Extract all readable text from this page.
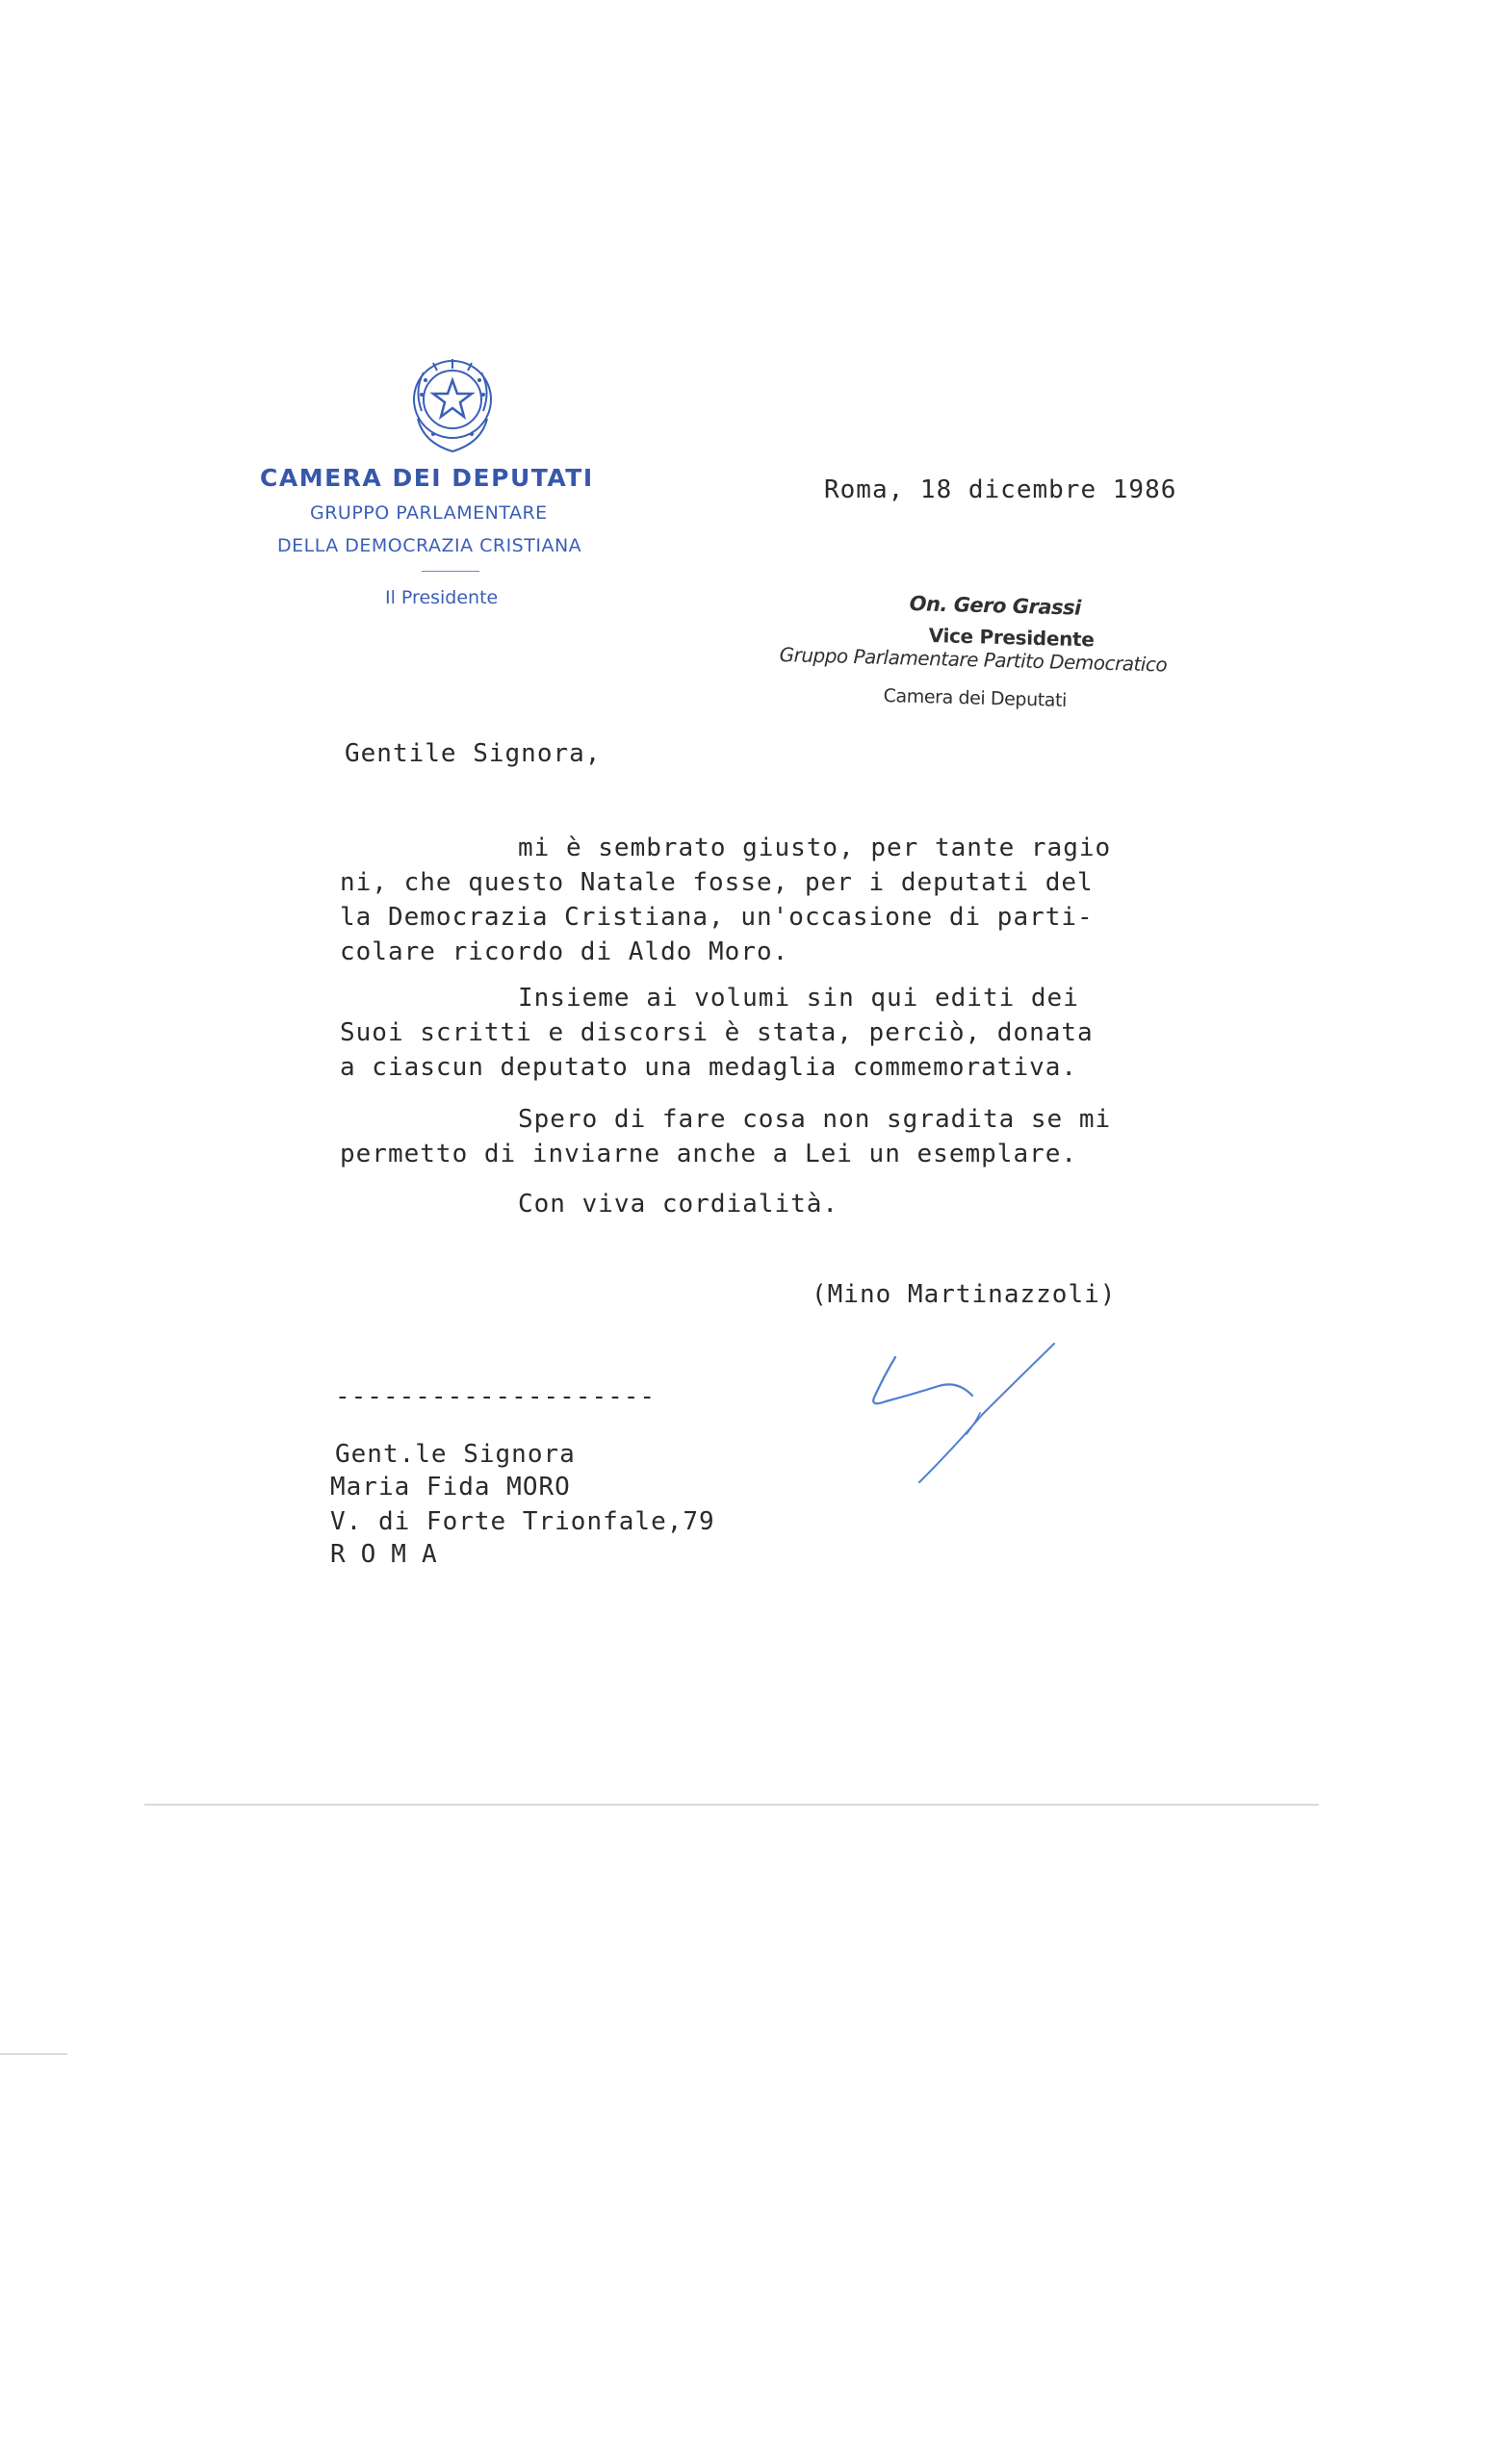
CAMERA DEI DEPUTATI
GRUPPO PARLAMENTARE
DELLA DEMOCRAZIA CRISTIANA
Il Presidente
Roma, 18 dicembre 1986
On. Gero Grassi
Vice Presidente
Gruppo Parlamentare Partito Democratico
Camera dei Deputati
Gentile Signora,
mi è sembrato giusto, per tante ragio
ni, che questo Natale fosse, per i deputati del
la Democrazia Cristiana, un'occasione di parti-
colare ricordo di Aldo Moro.
Insieme ai volumi sin qui editi dei
Suoi scritti e discorsi è stata, perciò, donata
a ciascun deputato una medaglia commemorativa.
Spero di fare cosa non sgradita se mi
permetto di inviarne anche a Lei un esemplare.
Con viva cordialità.
(Mino Martinazzoli)
--------------------
Gent.le Signora
Maria Fida MORO
V. di Forte Trionfale,79
ROMA
